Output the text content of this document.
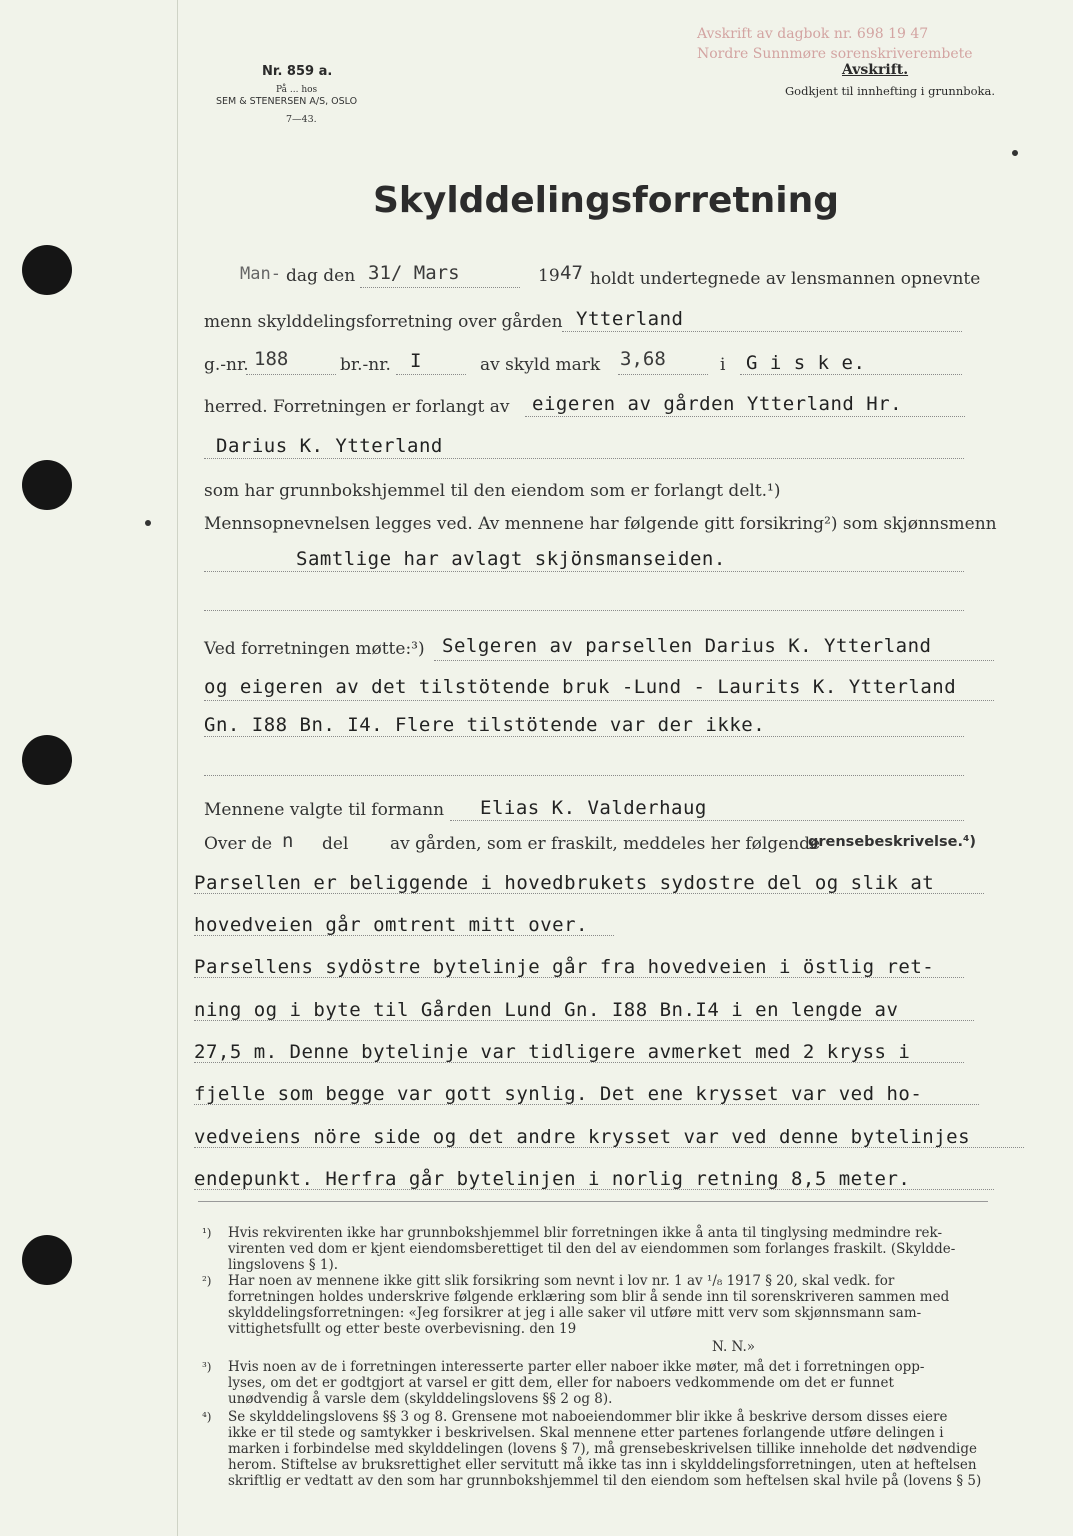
Nr. 859 a.
På ... hos
SEM & STENERSEN A/S, OSLO
7—43.
Avskrift av dagbok nr. 698 19 47
Nordre Sunnmøre sorenskriverembete
Avskrift.
Godkjent til innhefting i grunnboka.
Skylddelingsforretning
Man- dag den 31/ Mars	19 47 holdt undertegnede av lensmannen opnevnte
menn skylddelingsforretning over gården Ytterland
g.-nr. 188	br.-nr. I	av skyld mark 3,68	i G i s k e.
herred. Forretningen er forlangt av eigeren av gården Ytterland Hr.
Darius K. Ytterland
som har grunnbokshjemmel til den eiendom som er forlangt delt.¹)
Mennsopnevnelsen legges ved. Av mennene har følgende gitt forsikring²) som skjønnsmenn
Samtlige har avlagt skjönsmanseiden.
Ved forretningen møtte:³) Selgeren av parsellen Darius K. Ytterland
og eigeren av det tilstötende bruk -Lund - Laurits K. Ytterland
Gn. I88 Bn. I4. Flere tilstötende var der ikke.
Mennene valgte til formann Elias K. Valderhaug
Over de n del av gården, som er fraskilt, meddeles her følgende
grensebeskrivelse.⁴)
Parsellen er beliggende i hovedbrukets sydostre del og slik at
hovedveien går omtrent mitt over.
Parsellens sydöstre bytelinje går fra hovedveien i östlig ret-
ning og i byte til Gården Lund Gn. I88 Bn.I4 i en lengde av
27,5 m. Denne bytelinje var tidligere avmerket med 2 kryss i
fjelle som begge var gott synlig. Det ene krysset var ved ho-
vedveiens nöre side og det andre krysset var ved denne bytelinjes
endepunkt. Herfra går bytelinjen i norlig retning 8,5 meter.
¹) Hvis rekvirenten ikke har grunnbokshjemmel blir forretningen ikke å anta til tinglysing medmindre rek-
virenten ved dom er kjent eiendomsberettiget til den del av eiendommen som forlanges fraskilt. (Skyldde-
lingslovens § 1).
²) Har noen av mennene ikke gitt slik forsikring som nevnt i lov nr. 1 av ¹/₈ 1917 § 20, skal vedk. for
forretningen holdes underskrive følgende erklæring som blir å sende inn til sorenskriveren sammen med
skylddelingsforretningen: «Jeg forsikrer at jeg i alle saker vil utføre mitt verv som skjønnsmann sam-
vittighetsfullt og etter beste overbevisning. den 19
N. N.»
³) Hvis noen av de i forretningen interesserte parter eller naboer ikke møter, må det i forretningen opp-
lyses, om det er godtgjort at varsel er gitt dem, eller for naboers vedkommende om det er funnet
unødvendig å varsle dem (skylddelingslovens §§ 2 og 8).
⁴) Se skylddelingslovens §§ 3 og 8. Grensene mot naboeiendommer blir ikke å beskrive dersom disses eiere
ikke er til stede og samtykker i beskrivelsen. Skal mennene etter partenes forlangende utføre delingen i
marken i forbindelse med skylddelingen (lovens § 7), må grensebeskrivelsen tillike inneholde det nødvendige
herom. Stiftelse av bruksrettighet eller servitutt må ikke tas inn i skylddelingsforretningen, uten at heftelsen
skriftlig er vedtatt av den som har grunnbokshjemmel til den eiendom som heftelsen skal hvile på (lovens § 5)
